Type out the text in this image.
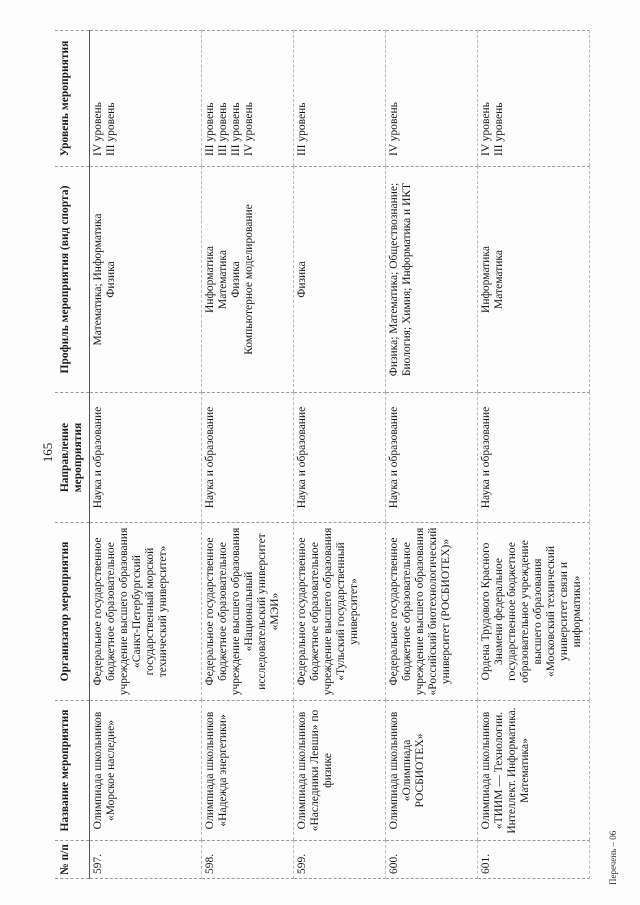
165
№ п/п	Название мероприятия	Организатор мероприятия	Направление мероприятия	Профиль мероприятия (вид спорта)	Уровень мероприятия
597.	Олимпиада школьников «Морское наследие»	Федеральное государственное бюджетное образовательное учреждение высшего образования «Санкт-Петербургский государственный морской технический университет»	Наука и образование	Математика; Информатика Физика	IV уровень III уровень

598.	Олимпиада школьников «Надежда энергетики»	Федеральное государственное бюджетное образовательное учреждение высшего образования «Национальный исследовательский университет «МЭИ»	Наука и образование	Информатика Математика Физика Компьютерное моделирование	III уровень III уровень III уровень IV уровень

599.	Олимпиада школьников «Наследники Левши» по физике	Федеральное государственное бюджетное образовательное учреждение высшего образования «Тульский государственный университет»	Наука и образование	Физика	III уровень

600.	Олимпиада школьников «Олимпиада РОСБИОТЕХ»	Федеральное государственное бюджетное образовательное учреждение высшего образования «Российский биотехнологический университет (РОСБИОТЕХ)»	Наука и образование	Физика; Математика; Обществознание; Биология; Химия; Информатика и ИКТ	IV уровень

601.	Олимпиада школьников «ТИИМ — Технологии. Интеллект. Информатика. Математика»	Ордена Трудового Красного Знамени федеральное государственное бюджетное образовательное учреждение высшего образования «Московский технический университет связи и информатики»	Наука и образование	Информатика Математика	IV уровень III уровень
Перечень – 06
